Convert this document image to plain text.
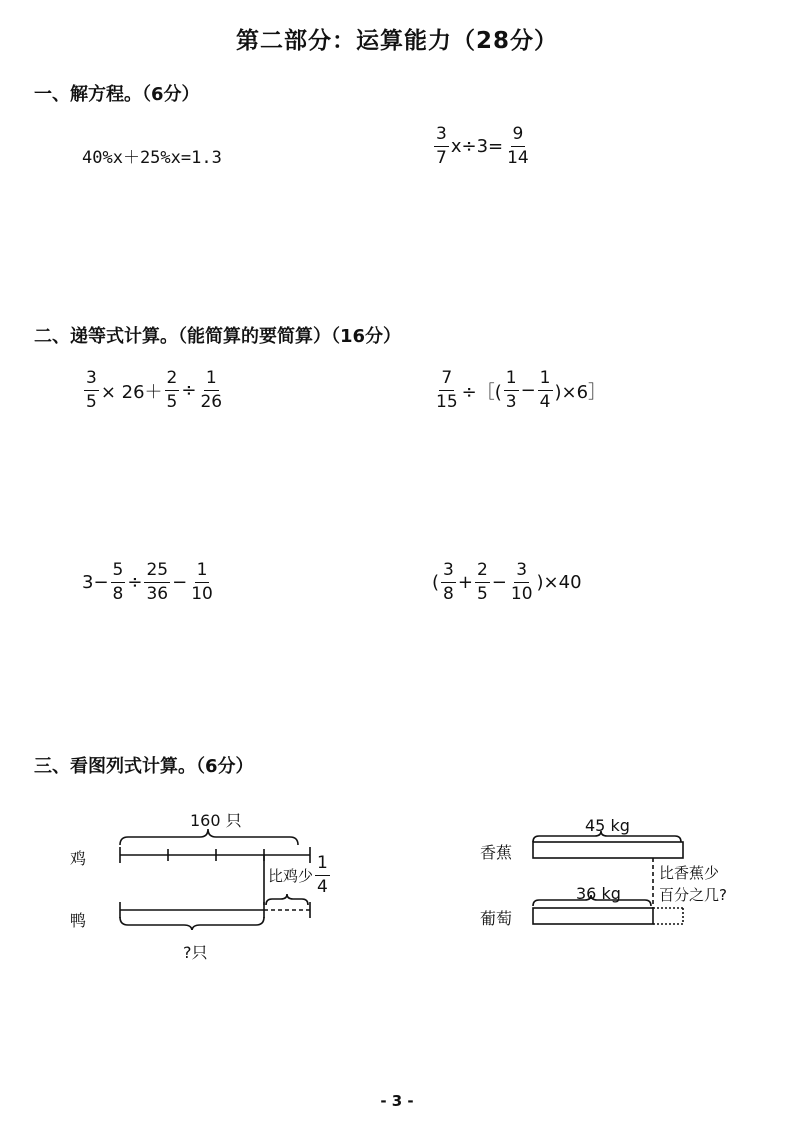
第二部分：运算能力（28分）
一、解方程。（6分）
40%x＋25%x=1.3	$\frac{3}{7} x\div 3= \frac{9}{14}$
二、递等式计算。（能简算的要简算）（16分）
$\frac{3}{5} \times 26+ \frac{2}{5} \div \frac{1}{26}$	$\frac{7}{15}$ ÷［( $\frac{1}{3} - \frac{1}{4}$ )×6］
$3- \frac{5}{8} \div \frac{25}{36} - \frac{1}{10}$	( $\frac{3}{8} + \frac{2}{5} - \frac{3}{10} )\times 40$
三、看图列式计算。（6分）
160 只
鸡
鸭
比鸡少 $\frac{1}{4}$
?只
香蕉
葡萄
45 kg
36 kg
比香蕉少
百分之几?
- 3 -
